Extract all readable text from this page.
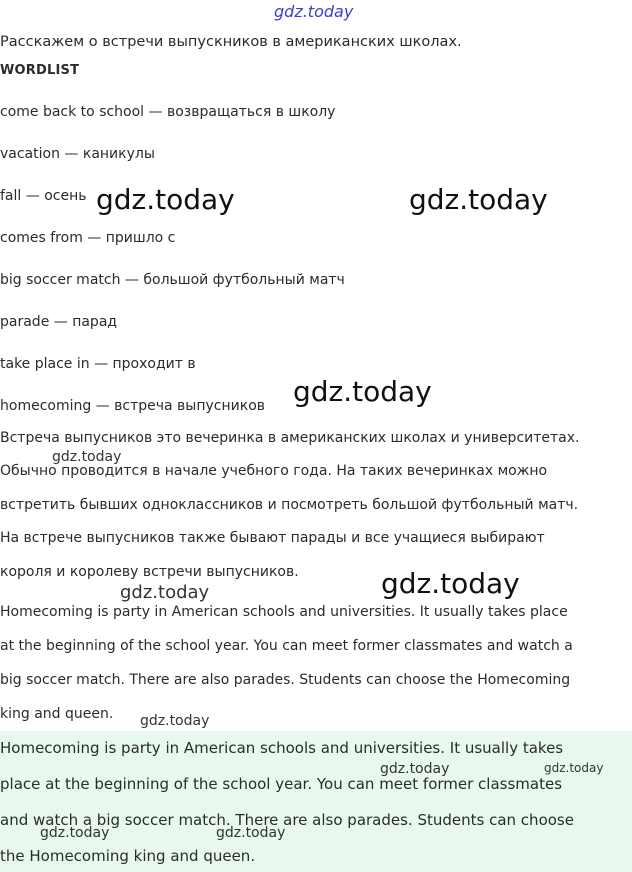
gdz.today
Расскажем о встречи выпускников в американских школах.
WORDLIST
come back to school — возвращаться в школу
vacation — каникулы
fall — осень
comes from — пришло с
big soccer match — большой футбольный матч
parade — парад
take place in — проходит в
homecoming — встреча выпусников
Встреча выпусников это вечеринка в американских школах и университетах.
Обычно проводится в начале учебного года. На таких вечеринках можно
встретить бывших одноклассников и посмотреть большой футбольный матч.
На встрече выпусников также бывают парады и все учащиеся выбирают
короля и королеву встречи выпусников.
Homecoming is party in American schools and universities. It usually takes place
at the beginning of the school year. You can meet former classmates and watch a
big soccer match. There are also parades. Students can choose the Homecoming
king and queen.
Homecoming is party in American schools and universities. It usually takes
place at the beginning of the school year. You can meet former classmates
and watch a big soccer match. There are also parades. Students can choose
the Homecoming king and queen.
gdz.today	gdz.today
gdz.today
gdz.today
gdz.today
gdz.today
gdz.today
gdz.today	gdz.today
gdz.today	gdz.today
